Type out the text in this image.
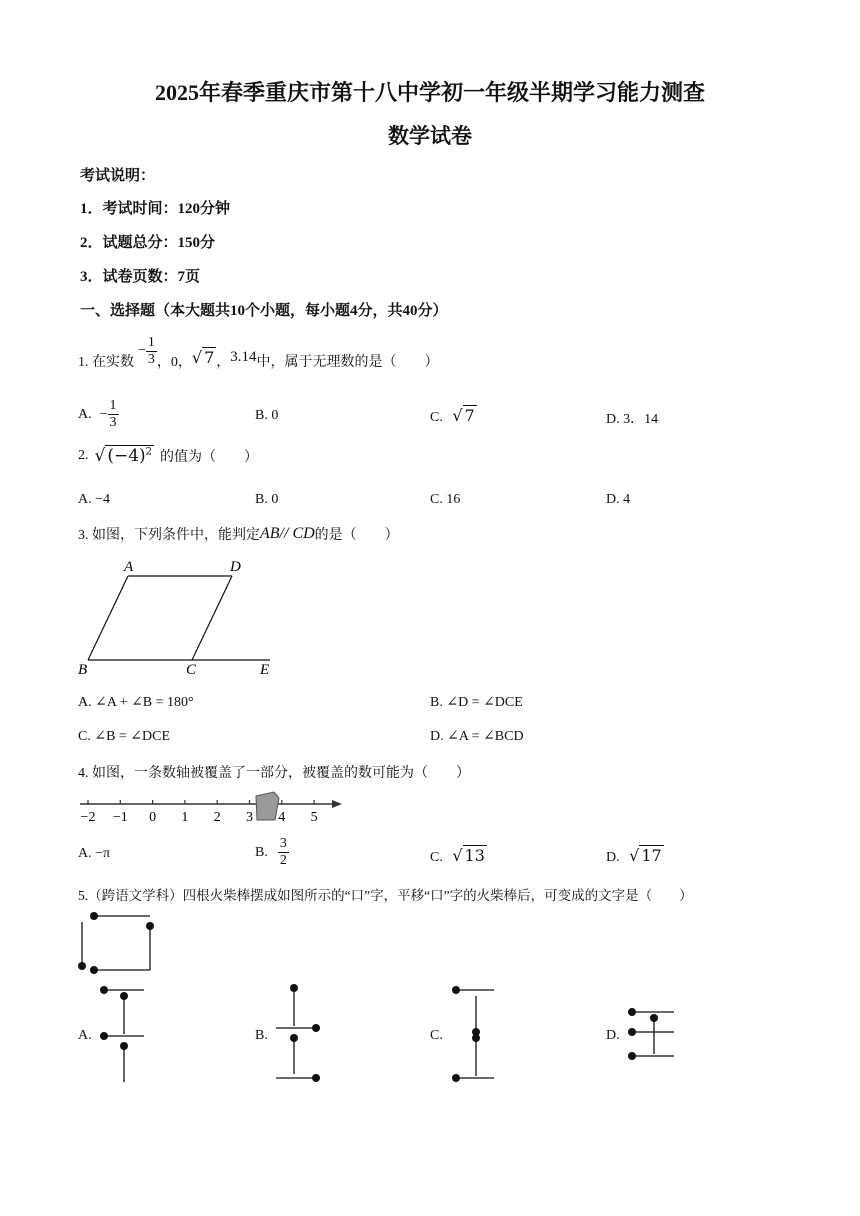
2025年春季重庆市第十八中学初一年级半期学习能力测查
数学试卷
考试说明：
1．考试时间：120分钟
2．试题总分：150分
3．试卷页数：7页
一、选择题（本大题共10个小题，每小题4分，共40分）
1. 在实数
− $\frac{1}{3}$ ，0， √ 7 ， 3.14 中，属于无理数的是（　　）
A. − $\frac{1}{3}$	B. 0	C. √ 7	D. 3．14
2. √ $(-4)^2$ 的值为（　　）
A. −4	B. 0	C. 16	D. 4
3. 如图，下列条件中，能判定 AB// CD 的是（　　）
A	D
B	C	E
A. ∠A + ∠B = 180°	B. ∠D = ∠DCE
C. ∠B = ∠DCE	D. ∠A = ∠BCD
4. 如图，一条数轴被覆盖了一部分，被覆盖的数可能为（　　）
−2 −1 0 1 2 3 4 5
A. −π	B. $\frac{3}{2}$	C. √ 13	D. √ 17
5.（跨语文学科）四根火柴棒摆成如图所示的“口”字，平移“口”字的火柴棒后，可变成的文字是（　　）
A.	B.	C.	D.
